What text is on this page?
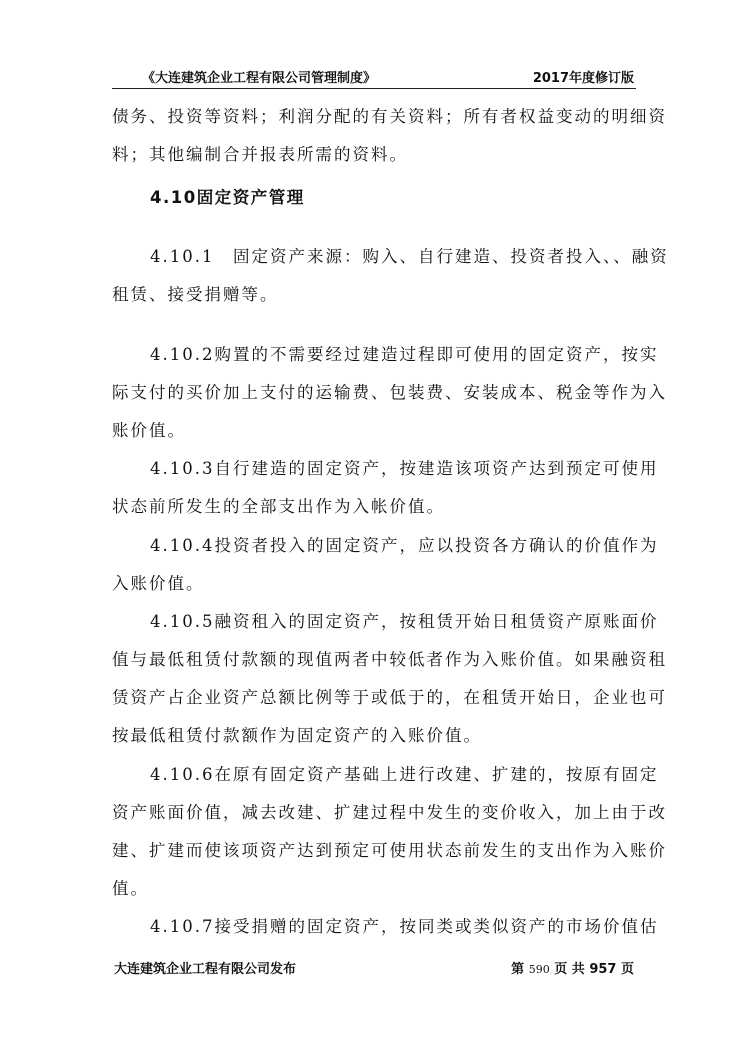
《大连建筑企业工程有限公司管理制度》	2017年度修订版
债务、投资等资料；利润分配的有关资料；所有者权益变动的明细资
料；其他编制合并报表所需的资料。
4.10固定资产管理
4.10.1　固定资产来源：购入、自行建造、投资者投入、、融资
租赁、接受捐赠等。
4.10.2购置的不需要经过建造过程即可使用的固定资产，按实
际支付的买价加上支付的运输费、包装费、安装成本、税金等作为入
账价值。
4.10.3自行建造的固定资产，按建造该项资产达到预定可使用
状态前所发生的全部支出作为入帐价值。
4.10.4投资者投入的固定资产，应以投资各方确认的价值作为
入账价值。
4.10.5融资租入的固定资产，按租赁开始日租赁资产原账面价
值与最低租赁付款额的现值两者中较低者作为入账价值。如果融资租
赁资产占企业资产总额比例等于或低于的，在租赁开始日，企业也可
按最低租赁付款额作为固定资产的入账价值。
4.10.6在原有固定资产基础上进行改建、扩建的，按原有固定
资产账面价值，减去改建、扩建过程中发生的变价收入，加上由于改
建、扩建而使该项资产达到预定可使用状态前发生的支出作为入账价
值。
4.10.7接受捐赠的固定资产，按同类或类似资产的市场价值估
大连建筑企业工程有限公司发布	第 590 页 共 957 页
